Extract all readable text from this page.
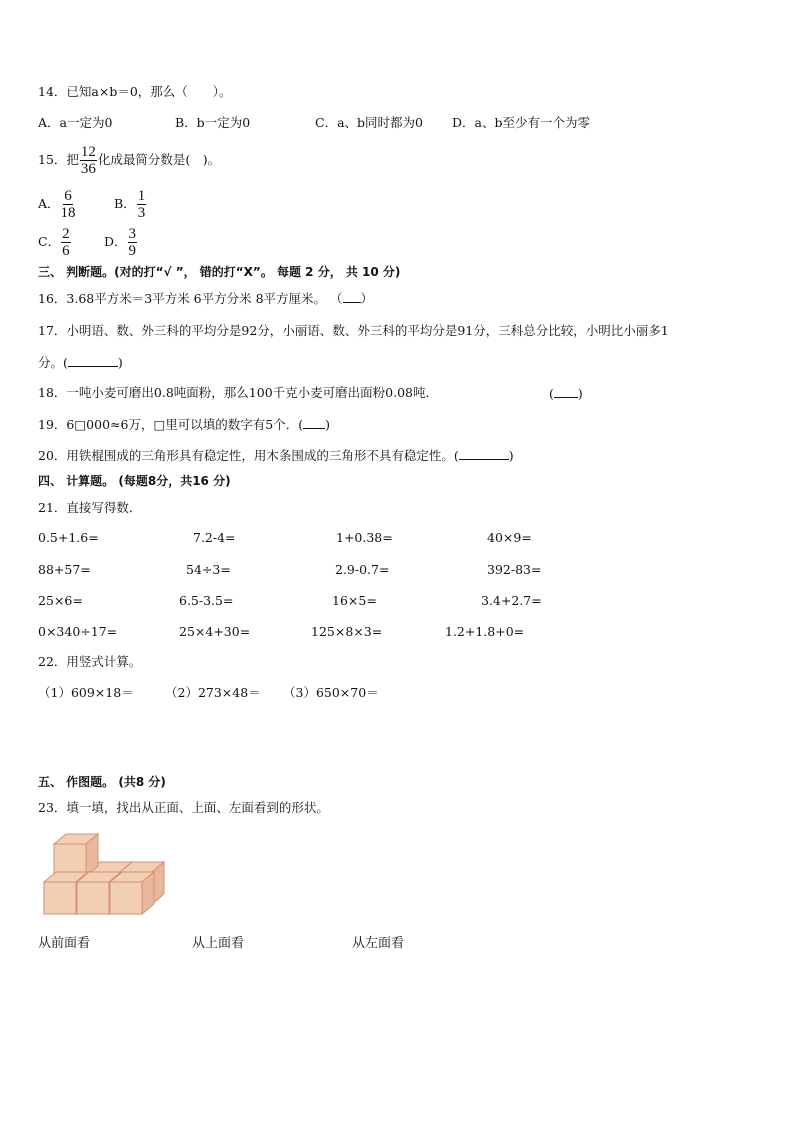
14．已知a×b＝0，那么（　　）。
A．a一定为0	B．b一定为0	C．a、b同时都为0 D．a、b至少有一个为零
15．把 $\frac{12}{36}$ 化成最简分数是(　)。
A． $\frac{6}{18}$	B． $\frac{1}{3}$
C． $\frac{2}{6}$	D． $\frac{3}{9}$
三、 判断题。(对的打“√ ”， 错的打“X”。 每题 2 分， 共 10 分)
16．3.68平方米＝3平方米 6平方分米 8平方厘米。 （ ）
17．小明语、数、外三科的平均分是92分，小丽语、数、外三科的平均分是91分，三科总分比较，小明比小丽多1
分。(	)
18．一吨小麦可磨出0.8吨面粉，那么100千克小麦可磨出面粉0.08吨．	( )
19．6□000≈6万，□里可以填的数字有5个．( )
20．用铁棍围成的三角形具有稳定性，用木条围成的三角形不具有稳定性。(	)
四、 计算题。 (每题8分，共16 分)
21．直接写得数．
0.5+1.6=	7.2-4=	1+0.38=	40×9=
88+57=	54÷3=	2.9-0.7=	392-83=
25×6=	6.5-3.5=	16×5=	3.4+2.7=
0×340÷17=	25×4+30=	125×8×3=	1.2+1.8+0=
22．用竖式计算。
（1）609×18＝	（2）273×48＝ （3）650×70＝
五、 作图题。 (共8 分)
23．填一填，找出从正面、上面、左面看到的形状。
从前面看	从上面看	从左面看
